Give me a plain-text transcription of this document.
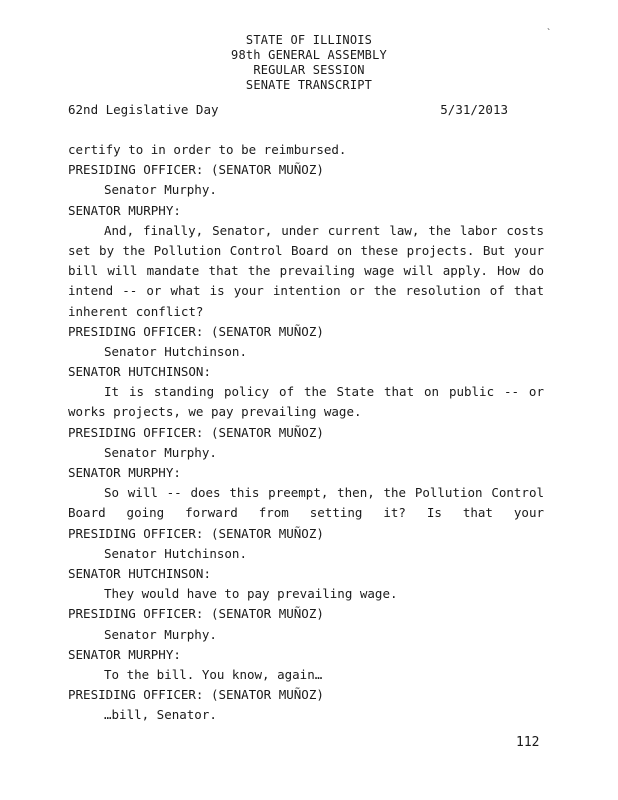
`
STATE OF ILLINOIS
98th GENERAL ASSEMBLY
REGULAR SESSION
SENATE TRANSCRIPT
62nd Legislative Day	5/31/2013
certify to in order to be reimbursed.
PRESIDING OFFICER: (SENATOR MUÑOZ)
Senator Murphy.
SENATOR MURPHY:
And, finally, Senator, under current law, the labor costs
set by the Pollution Control Board on these projects. But your
bill will mandate that the prevailing wage will apply. How do
intend -- or what is your intention or the resolution of that
inherent conflict?
PRESIDING OFFICER: (SENATOR MUÑOZ)
Senator Hutchinson.
SENATOR HUTCHINSON:
It is standing policy of the State that on public -- or
works projects, we pay prevailing wage.
PRESIDING OFFICER: (SENATOR MUÑOZ)
Senator Murphy.
SENATOR MURPHY:
So will -- does this preempt, then, the Pollution Control
Board going forward from setting it? Is that your
PRESIDING OFFICER: (SENATOR MUÑOZ)
Senator Hutchinson.
SENATOR HUTCHINSON:
They would have to pay prevailing wage.
PRESIDING OFFICER: (SENATOR MUÑOZ)
Senator Murphy.
SENATOR MURPHY:
To the bill. You know, again…
PRESIDING OFFICER: (SENATOR MUÑOZ)
…bill, Senator.
112
